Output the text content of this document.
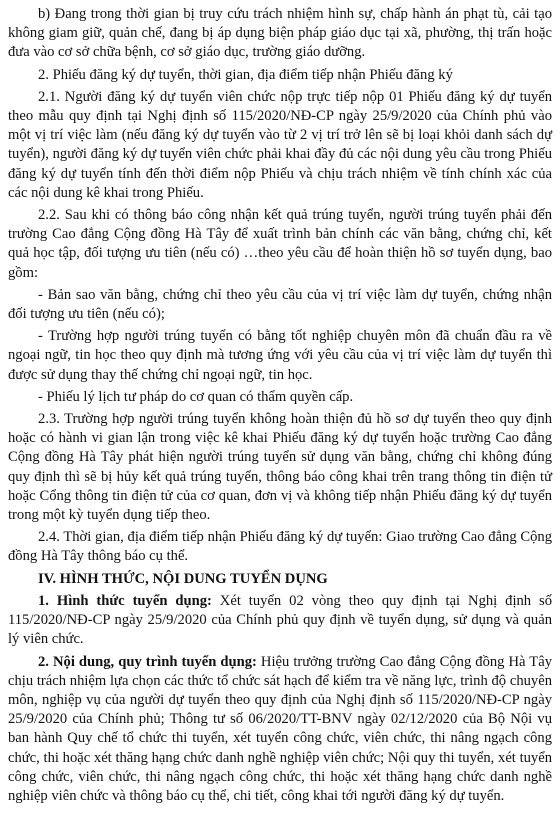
b) Đang trong thời gian bị truy cứu trách nhiệm hình sự, chấp hành án phạt tù, cải tạo không giam giữ, quản chế, đang bị áp dụng biện pháp giáo dục tại xã, phường, thị trấn hoặc đưa vào cơ sở chữa bệnh, cơ sở giáo dục, trường giáo dưỡng.

2. Phiếu đăng ký dự tuyển, thời gian, địa điểm tiếp nhận Phiếu đăng ký

2.1. Người đăng ký dự tuyển viên chức nộp trực tiếp nộp 01 Phiếu đăng ký dự tuyển theo mẫu quy định tại Nghị định số 115/2020/NĐ-CP ngày 25/9/2020 của Chính phủ vào một vị trí việc làm (nếu đăng ký dự tuyển vào từ 2 vị trí trở lên sẽ bị loại khỏi danh sách dự tuyển), người đăng ký dự tuyển viên chức phải khai đầy đủ các nội dung yêu cầu trong Phiếu đăng ký dự tuyển tính đến thời điểm nộp Phiếu và chịu trách nhiệm về tính chính xác của các nội dung kê khai trong Phiếu.

2.2. Sau khi có thông báo công nhận kết quả trúng tuyển, người trúng tuyển phải đến trường Cao đẳng Cộng đồng Hà Tây để xuất trình bản chính các văn bằng, chứng chỉ, kết quả học tập, đối tượng ưu tiên (nếu có) …theo yêu cầu để hoàn thiện hồ sơ tuyển dụng, bao gồm:

- Bản sao văn bằng, chứng chỉ theo yêu cầu của vị trí việc làm dự tuyển, chứng nhận đối tượng ưu tiên (nếu có);

- Trường hợp người trúng tuyển có bằng tốt nghiệp chuyên môn đã chuẩn đầu ra về ngoại ngữ, tin học theo quy định mà tương ứng với yêu cầu của vị trí việc làm dự tuyển thì được sử dụng thay thế chứng chỉ ngoại ngữ, tin học.

- Phiếu lý lịch tư pháp do cơ quan có thẩm quyền cấp.

2.3. Trường hợp người trúng tuyển không hoàn thiện đủ hồ sơ dự tuyển theo quy định hoặc có hành vi gian lận trong việc kê khai Phiếu đăng ký dự tuyển hoặc trường Cao đẳng Cộng đồng Hà Tây phát hiện người trúng tuyển sử dụng văn bằng, chứng chỉ không đúng quy định thì sẽ bị hủy kết quả trúng tuyển, thông báo công khai trên trang thông tin điện tử hoặc Cổng thông tin điện tử của cơ quan, đơn vị và không tiếp nhận Phiếu đăng ký dự tuyển trong một kỳ tuyển dụng tiếp theo.

2.4. Thời gian, địa điểm tiếp nhận Phiếu đăng ký dự tuyển: Giao trường Cao đẳng Cộng đồng Hà Tây thông báo cụ thể.

IV. HÌNH THỨC, NỘI DUNG TUYỂN DỤNG

1. Hình thức tuyển dụng: Xét tuyển 02 vòng theo quy định tại Nghị định số 115/2020/NĐ-CP ngày 25/9/2020 của Chính phủ quy định về tuyển dụng, sử dụng và quản lý viên chức.

2. Nội dung, quy trình tuyển dụng: Hiệu trưởng trường Cao đẳng Cộng đồng Hà Tây chịu trách nhiệm lựa chọn các thức tổ chức sát hạch để kiểm tra về năng lực, trình độ chuyên môn, nghiệp vụ của người dự tuyển theo quy định của Nghị định số 115/2020/NĐ-CP ngày 25/9/2020 của Chính phủ; Thông tư số 06/2020/TT-BNV ngày 02/12/2020 của Bộ Nội vụ ban hành Quy chế tổ chức thi tuyển, xét tuyển công chức, viên chức, thi nâng ngạch công chức, thi hoặc xét thăng hạng chức danh nghề nghiệp viên chức; Nội quy thi tuyển, xét tuyển công chức, viên chức, thi nâng ngạch công chức, thi hoặc xét thăng hạng chức danh nghề nghiệp viên chức và thông báo cụ thể, chi tiết, công khai tới người đăng ký dự tuyển.
